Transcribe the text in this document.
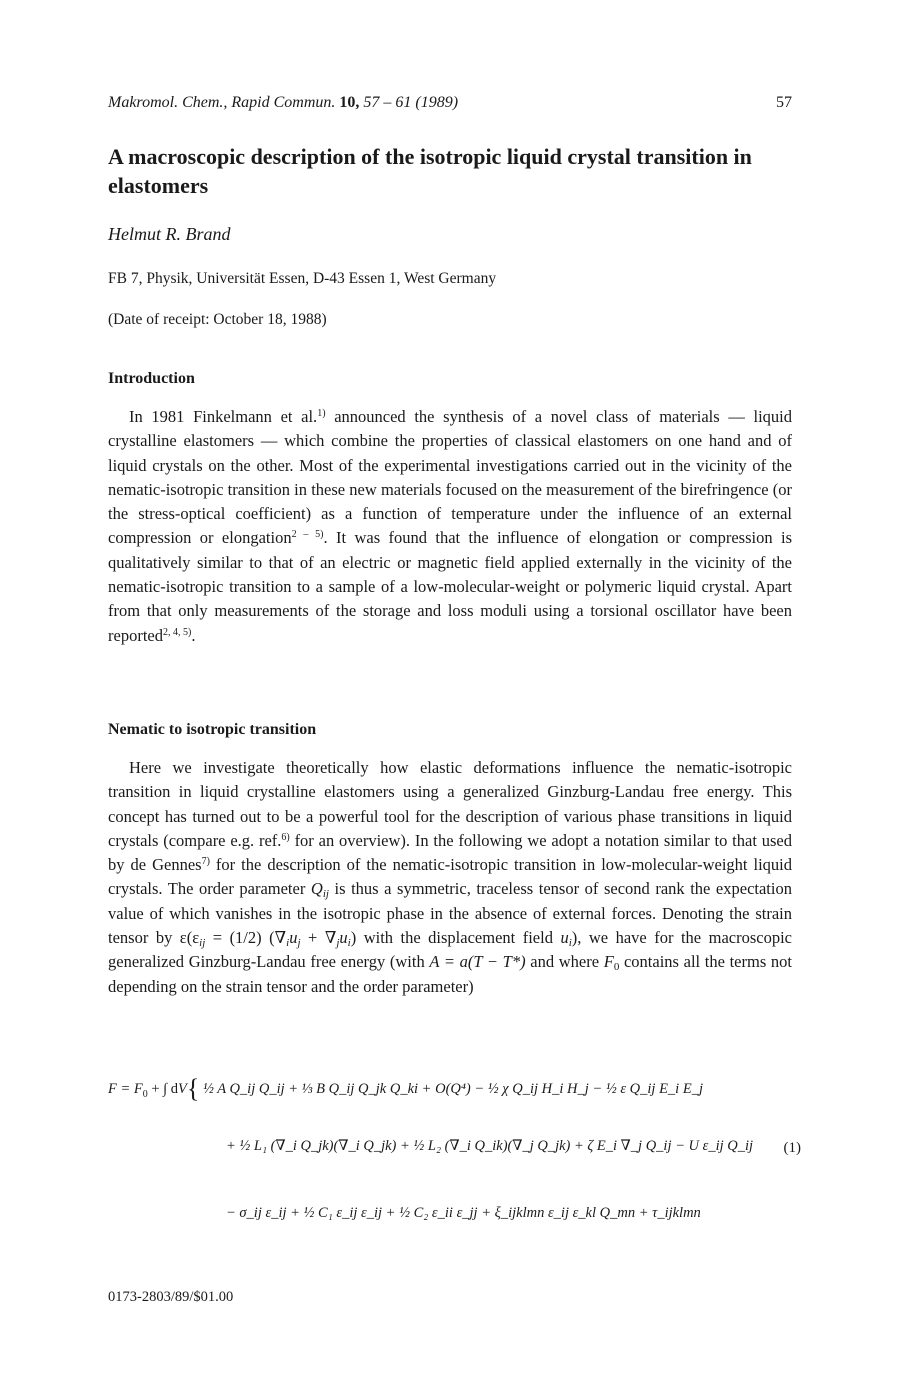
Makromol. Chem., Rapid Commun. 10, 57 – 61 (1989)	57
A macroscopic description of the isotropic liquid crystal transition in elastomers
Helmut R. Brand
FB 7, Physik, Universität Essen, D-43 Essen 1, West Germany
(Date of receipt: October 18, 1988)
Introduction

In 1981 Finkelmann et al.$^{1)}$ announced the synthesis of a novel class of materials — liquid crystalline elastomers — which combine the properties of classical elastomers on one hand and of liquid crystals on the other. Most of the experimental investigations carried out in the vicinity of the nematic-isotropic transition in these new materials focused on the measurement of the birefringence (or the stress-optical coefficient) as a function of temperature under the influence of an external compression or elongation$^{2 - 5)}$. It was found that the influence of elongation or compression is qualitatively similar to that of an electric or magnetic field applied externally in the vicinity of the nematic-isotropic transition to a sample of a low-molecular-weight or polymeric liquid crystal. Apart from that only measurements of the storage and loss moduli using a torsional oscillator have been reported$^{2, 4, 5)}$.

Nematic to isotropic transition

Here we investigate theoretically how elastic deformations influence the nematic-isotropic transition in liquid crystalline elastomers using a generalized Ginzburg-Landau free energy. This concept has turned out to be a powerful tool for the description of various phase transitions in liquid crystals (compare e.g. ref.$^{6)}$ for an overview). In the following we adopt a notation similar to that used by de Gennes$^{7)}$ for the description of the nematic-isotropic transition in low-molecular-weight liquid crystals. The order parameter $Q_{ij}$ is thus a symmetric, traceless tensor of second rank the expectation value of which vanishes in the isotropic phase in the absence of external forces. Denoting the strain tensor by $\varepsilon(\varepsilon_{ij} = (1/2) (\nabla_iu_j + \nabla_ju_i)$ with the displacement field $u_i$), we have for the macroscopic generalized Ginzburg-Landau free energy (with A = a(T − T*) and where $F_0$ contains all the terms not depending on the strain tensor and the order parameter)

$F = F_0$ + ∫ dV{ ½ A Q_ij Q_ij + ⅓ B Q_ij Q_jk Q_ki + O(Q⁴) − ½ χ Q_ij H_i H_j − ½ ε Q_ij E_i E_j
+ ½ L₁ (∇_i Q_jk)(∇_i Q_jk) + ½ L₂ (∇_i Q_ik)(∇_j Q_jk) + ζ E_i ∇_j Q_ij − U ε_ij Q_ij (1)
− σ_ij ε_ij + ½ C₁ ε_ij ε_ij + ½ C₂ ε_ii ε_jj + ξ_ijklmn ε_ij ε_kl Q_mn + τ_ijklmn
0173-2803/89/$01.00
